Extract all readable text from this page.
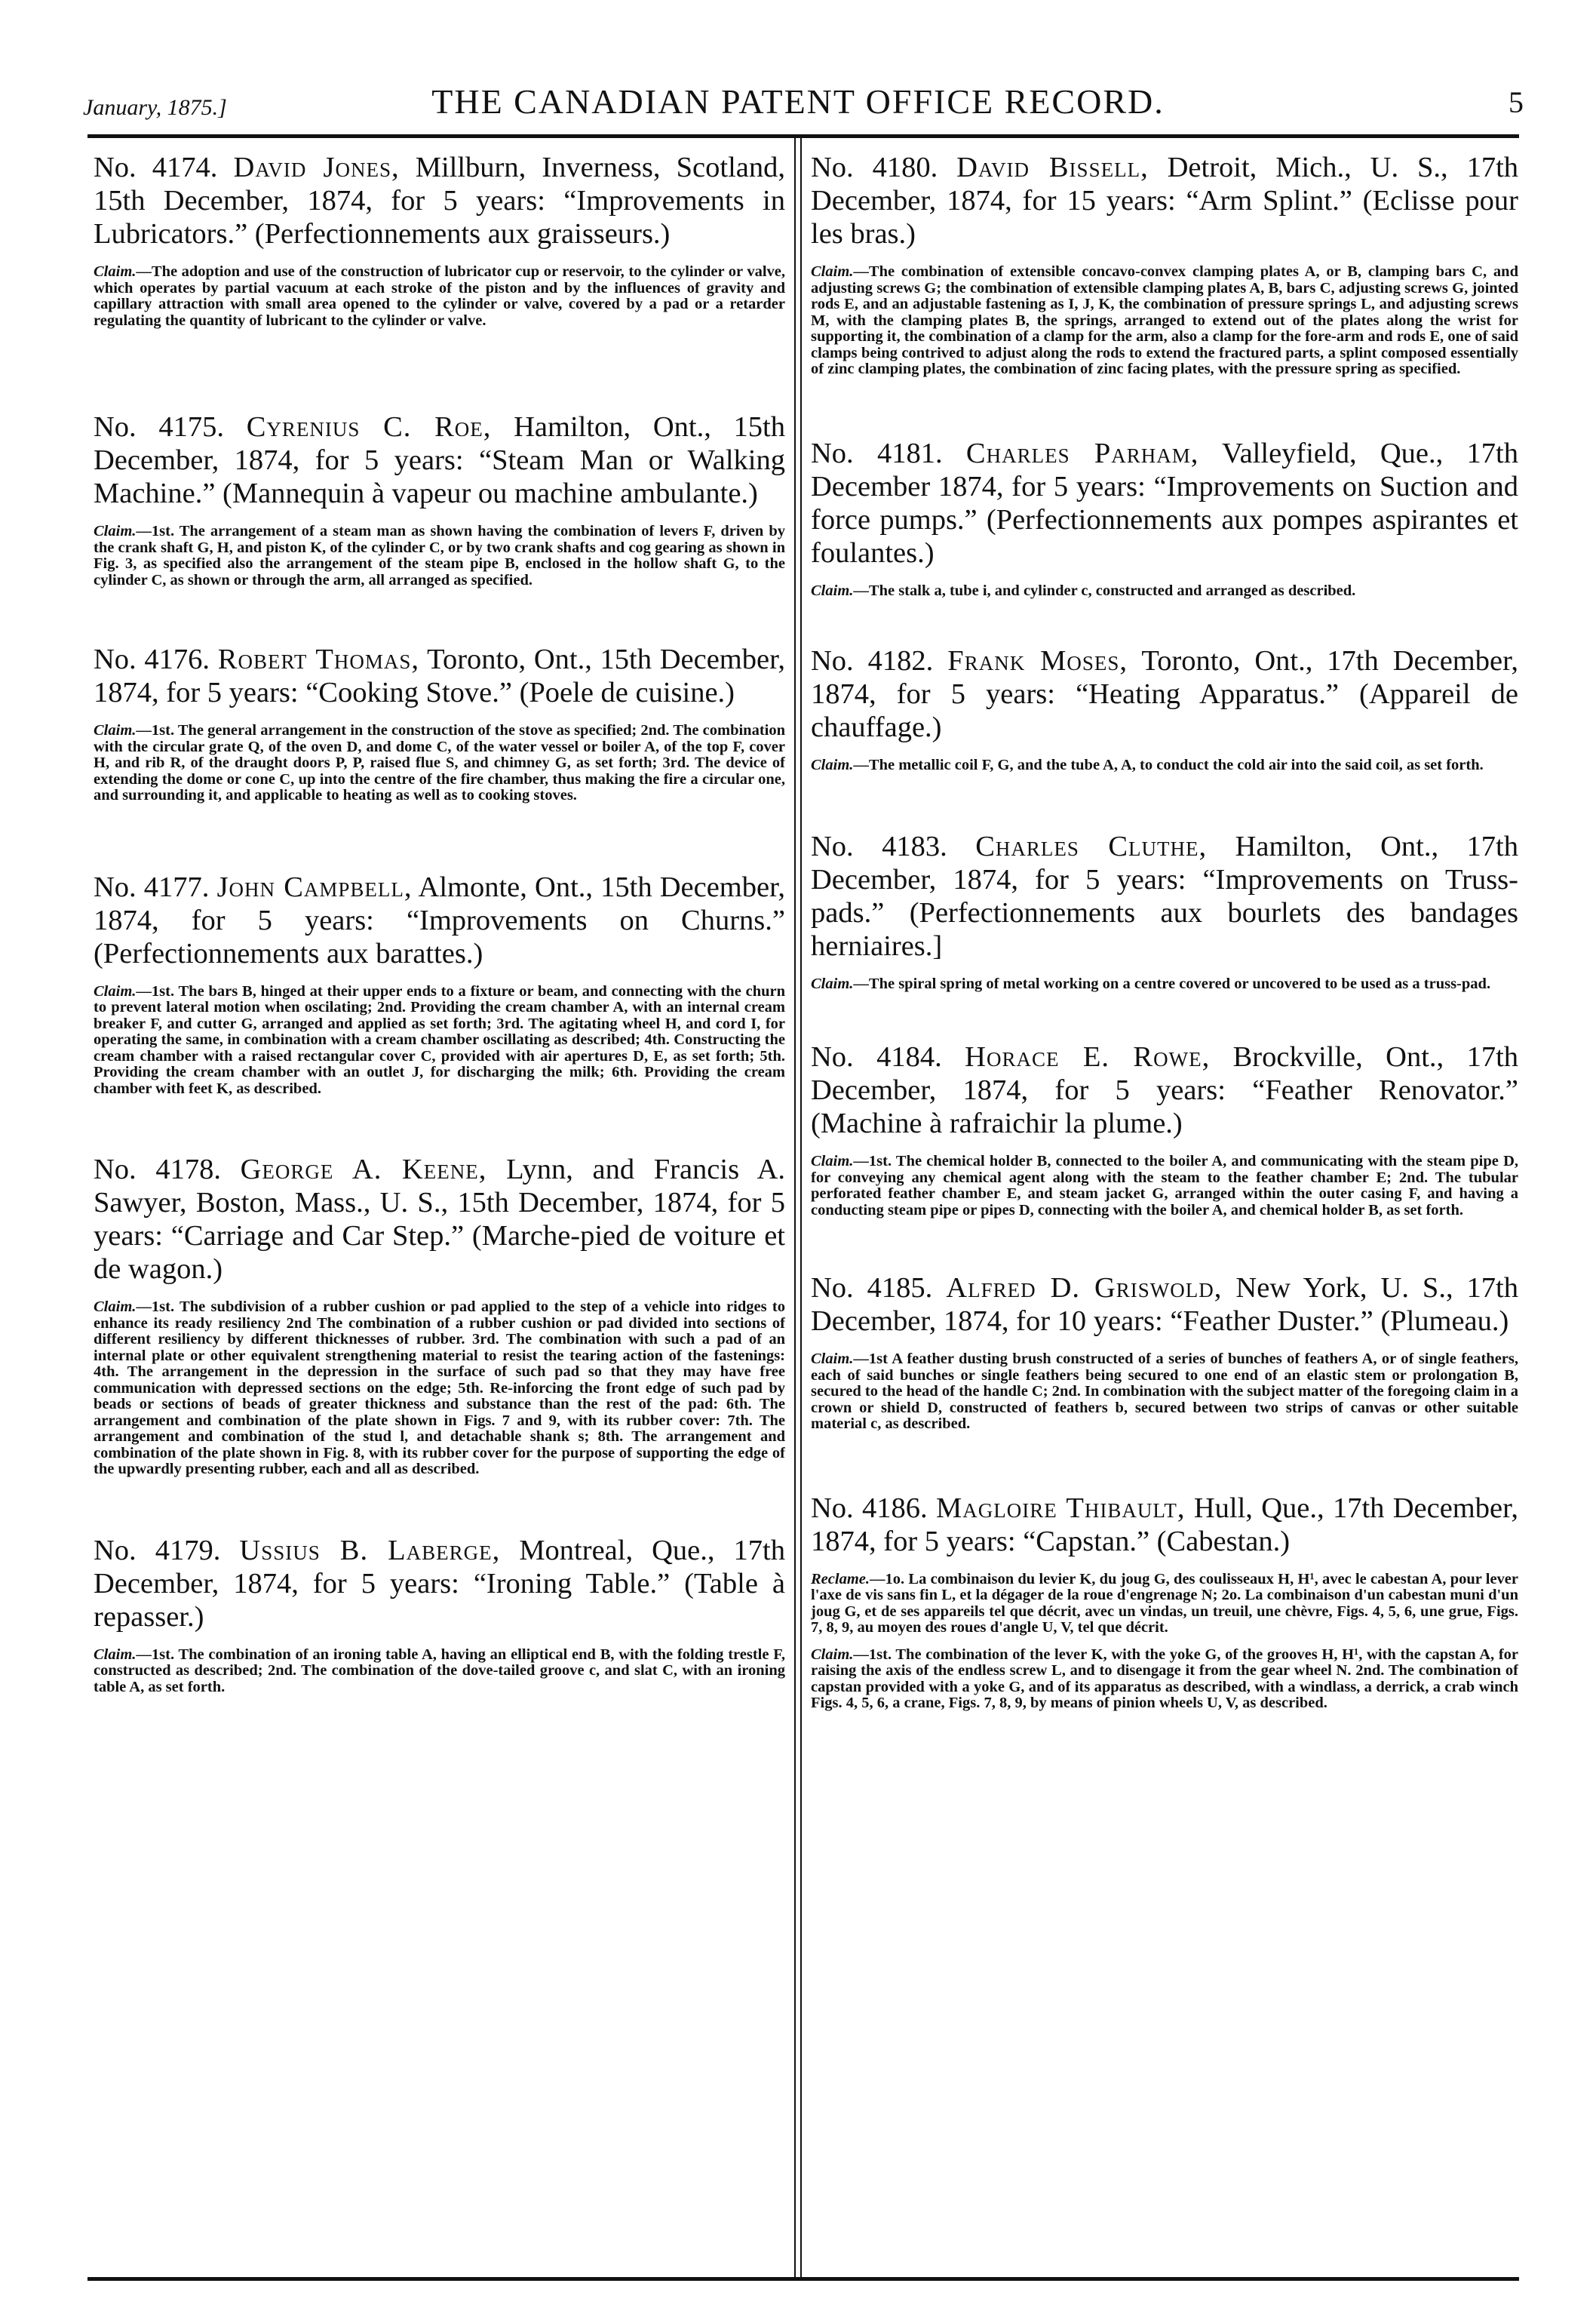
January, 1875.]	THE CANADIAN PATENT OFFICE RECORD.	5

No. 4174. David Jones, Millburn, Inverness, Scotland, 15th December, 1874, for 5 years: “Improvements in Lubricators.” (Perfectionnements aux graisseurs.)

Claim.—The adoption and use of the construction of lubricator cup or reservoir, to the cylinder or valve, which operates by partial vacuum at each stroke of the piston and by the influences of gravity and capillary attraction with small area opened to the cylinder or valve, covered by a pad or a retarder regulating the quantity of lubricant to the cylinder or valve.

No. 4175. Cyrenius C. Roe, Hamilton, Ont., 15th December, 1874, for 5 years: “Steam Man or Walking Machine.” (Mannequin à vapeur ou machine ambulante.)

Claim.—1st. The arrangement of a steam man as shown having the combination of levers F, driven by the crank shaft G, H, and piston K, of the cylinder C, or by two crank shafts and cog gearing as shown in Fig. 3, as specified also the arrangement of the steam pipe B, enclosed in the hollow shaft G, to the cylinder C, as shown or through the arm, all arranged as specified.

No. 4176. Robert Thomas, Toronto, Ont., 15th December, 1874, for 5 years: “Cooking Stove.” (Poele de cuisine.)

Claim.—1st. The general arrangement in the construction of the stove as specified; 2nd. The combination with the circular grate Q, of the oven D, and dome C, of the water vessel or boiler A, of the top F, cover H, and rib R, of the draught doors P, P, raised flue S, and chimney G, as set forth; 3rd. The device of extending the dome or cone C, up into the centre of the fire chamber, thus making the fire a circular one, and surrounding it, and applicable to heating as well as to cooking stoves.

No. 4177. John Campbell, Almonte, Ont., 15th December, 1874, for 5 years: “Improvements on Churns.” (Perfectionnements aux barattes.)

Claim.—1st. The bars B, hinged at their upper ends to a fixture or beam, and connecting with the churn to prevent lateral motion when oscilating; 2nd. Providing the cream chamber A, with an internal cream breaker F, and cutter G, arranged and applied as set forth; 3rd. The agitating wheel H, and cord I, for operating the same, in combination with a cream chamber oscillating as described; 4th. Constructing the cream chamber with a raised rectangular cover C, provided with air apertures D, E, as set forth; 5th. Providing the cream chamber with an outlet J, for discharging the milk; 6th. Providing the cream chamber with feet K, as described.

No. 4178. George A. Keene, Lynn, and Francis A. Sawyer, Boston, Mass., U. S., 15th December, 1874, for 5 years: “Carriage and Car Step.” (Marche-pied de voiture et de wagon.)

Claim.—1st. The subdivision of a rubber cushion or pad applied to the step of a vehicle into ridges to enhance its ready resiliency 2nd The combination of a rubber cushion or pad divided into sections of different resiliency by different thicknesses of rubber. 3rd. The combination with such a pad of an internal plate or other equivalent strengthening material to resist the tearing action of the fastenings: 4th. The arrangement in the depression in the surface of such pad so that they may have free communication with depressed sections on the edge; 5th. Re-inforcing the front edge of such pad by beads or sections of beads of greater thickness and substance than the rest of the pad: 6th. The arrangement and combination of the plate shown in Figs. 7 and 9, with its rubber cover: 7th. The arrangement and combination of the stud l, and detachable shank s; 8th. The arrangement and combination of the plate shown in Fig. 8, with its rubber cover for the purpose of supporting the edge of the upwardly presenting rubber, each and all as described.

No. 4179. Ussius B. Laberge, Montreal, Que., 17th December, 1874, for 5 years: “Ironing Table.” (Table à repasser.)

Claim.—1st. The combination of an ironing table A, having an elliptical end B, with the folding trestle F, constructed as described; 2nd. The combination of the dove-tailed groove c, and slat C, with an ironing table A, as set forth.

No. 4180. David Bissell, Detroit, Mich., U. S., 17th December, 1874, for 15 years: “Arm Splint.” (Eclisse pour les bras.)

Claim.—The combination of extensible concavo-convex clamping plates A, or B, clamping bars C, and adjusting screws G; the combination of extensible clamping plates A, B, bars C, adjusting screws G, jointed rods E, and an adjustable fastening as I, J, K, the combination of pressure springs L, and adjusting screws M, with the clamping plates B, the springs, arranged to extend out of the plates along the wrist for supporting it, the combination of a clamp for the arm, also a clamp for the fore-arm and rods E, one of said clamps being contrived to adjust along the rods to extend the fractured parts, a splint composed essentially of zinc clamping plates, the combination of zinc facing plates, with the pressure spring as specified.

No. 4181. Charles Parham, Valleyfield, Que., 17th December 1874, for 5 years: “Improvements on Suction and force pumps.” (Perfectionnements aux pompes aspirantes et foulantes.)

Claim.—The stalk a, tube i, and cylinder c, constructed and arranged as described.

No. 4182. Frank Moses, Toronto, Ont., 17th December, 1874, for 5 years: “Heating Apparatus.” (Appareil de chauffage.)

Claim.—The metallic coil F, G, and the tube A, A, to conduct the cold air into the said coil, as set forth.

No. 4183. Charles Cluthe, Hamilton, Ont., 17th December, 1874, for 5 years: “Improvements on Truss-pads.” (Perfectionnements aux bourlets des bandages herniaires.]

Claim.—The spiral spring of metal working on a centre covered or uncovered to be used as a truss-pad.

No. 4184. Horace E. Rowe, Brockville, Ont., 17th December, 1874, for 5 years: “Feather Renovator.” (Machine à rafraichir la plume.)

Claim.—1st. The chemical holder B, connected to the boiler A, and communicating with the steam pipe D, for conveying any chemical agent along with the steam to the feather chamber E; 2nd. The tubular perforated feather chamber E, and steam jacket G, arranged within the outer casing F, and having a conducting steam pipe or pipes D, connecting with the boiler A, and chemical holder B, as set forth.

No. 4185. Alfred D. Griswold, New York, U. S., 17th December, 1874, for 10 years: “Feather Duster.” (Plumeau.)

Claim.—1st A feather dusting brush constructed of a series of bunches of feathers A, or of single feathers, each of said bunches or single feathers being secured to one end of an elastic stem or prolongation B, secured to the head of the handle C; 2nd. In combination with the subject matter of the foregoing claim in a crown or shield D, constructed of feathers b, secured between two strips of canvas or other suitable material c, as described.

No. 4186. Magloire Thibault, Hull, Que., 17th December, 1874, for 5 years: “Capstan.” (Cabestan.)

Reclame.—1o. La combinaison du levier K, du joug G, des coulisseaux H, H¹, avec le cabestan A, pour lever l'axe de vis sans fin L, et la dégager de la roue d'engrenage N; 2o. La combinaison d'un cabestan muni d'un joug G, et de ses appareils tel que décrit, avec un vindas, un treuil, une chèvre, Figs. 4, 5, 6, une grue, Figs. 7, 8, 9, au moyen des roues d'angle U, V, tel que décrit.

Claim.—1st. The combination of the lever K, with the yoke G, of the grooves H, H¹, with the capstan A, for raising the axis of the endless screw L, and to disengage it from the gear wheel N. 2nd. The combination of capstan provided with a yoke G, and of its apparatus as described, with a windlass, a derrick, a crab winch Figs. 4, 5, 6, a crane, Figs. 7, 8, 9, by means of pinion wheels U, V, as described.
